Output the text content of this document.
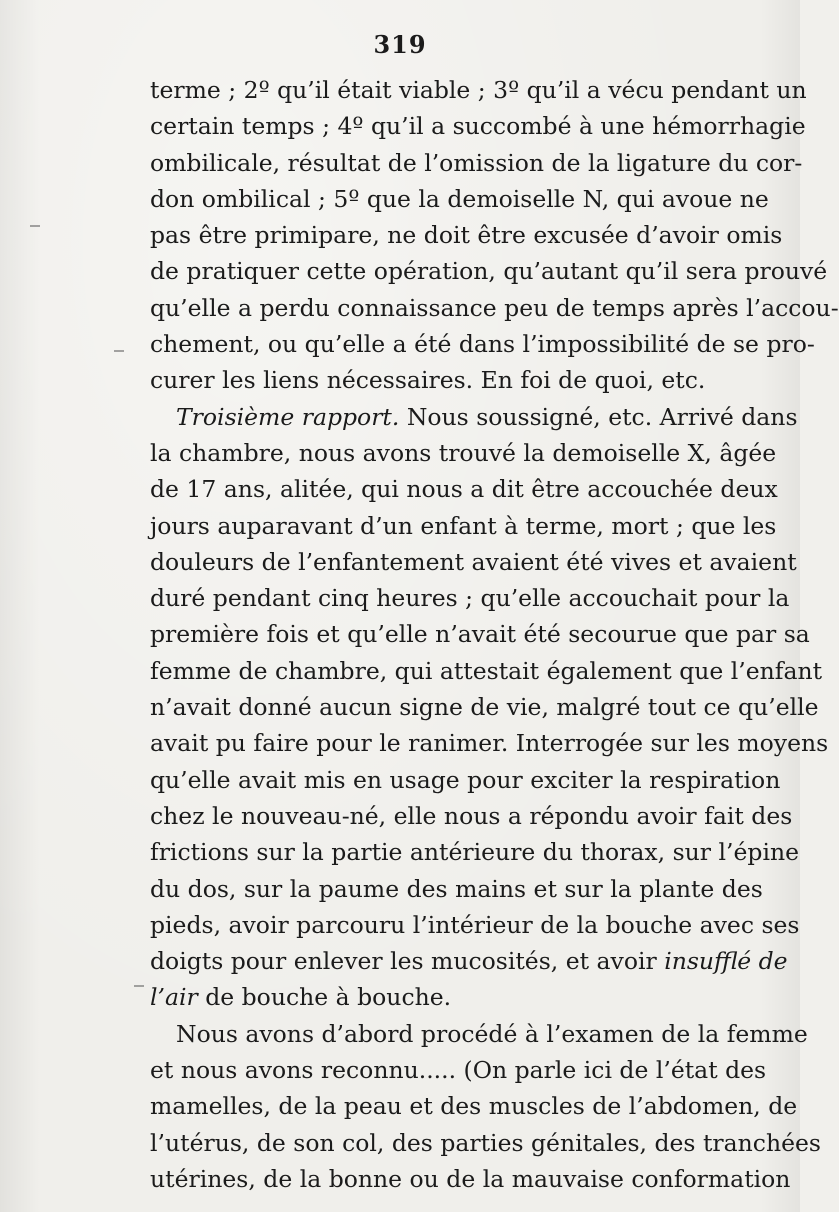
319
terme ; 2º qu’il était viable ; 3º qu’il a vécu pendant un
certain temps ; 4º qu’il a succombé à une hémorrhagie
ombilicale, résultat de l’omission de la ligature du cor-
don ombilical ; 5º que la demoiselle N, qui avoue ne
pas être primipare, ne doit être excusée d’avoir omis
de pratiquer cette opération, qu’autant qu’il sera prouvé
qu’elle a perdu connaissance peu de temps après l’accou-
chement, ou qu’elle a été dans l’impossibilité de se pro-
curer les liens nécessaires. En foi de quoi, etc.
Troisième rapport. Nous soussigné, etc. Arrivé dans
la chambre, nous avons trouvé la demoiselle X, âgée
de 17 ans, alitée, qui nous a dit être accouchée deux
jours auparavant d’un enfant à terme, mort ; que les
douleurs de l’enfantement avaient été vives et avaient
duré pendant cinq heures ; qu’elle accouchait pour la
première fois et qu’elle n’avait été secourue que par sa
femme de chambre, qui attestait également que l’enfant
n’avait donné aucun signe de vie, malgré tout ce qu’elle
avait pu faire pour le ranimer. Interrogée sur les moyens
qu’elle avait mis en usage pour exciter la respiration
chez le nouveau-né, elle nous a répondu avoir fait des
frictions sur la partie antérieure du thorax, sur l’épine
du dos, sur la paume des mains et sur la plante des
pieds, avoir parcouru l’intérieur de la bouche avec ses
doigts pour enlever les mucosités, et avoir insufflé de
l’air de bouche à bouche.
Nous avons d’abord procédé à l’examen de la femme
et nous avons reconnu..... (On parle ici de l’état des
mamelles, de la peau et des muscles de l’abdomen, de
l’utérus, de son col, des parties génitales, des tranchées
utérines, de la bonne ou de la mauvaise conformation
